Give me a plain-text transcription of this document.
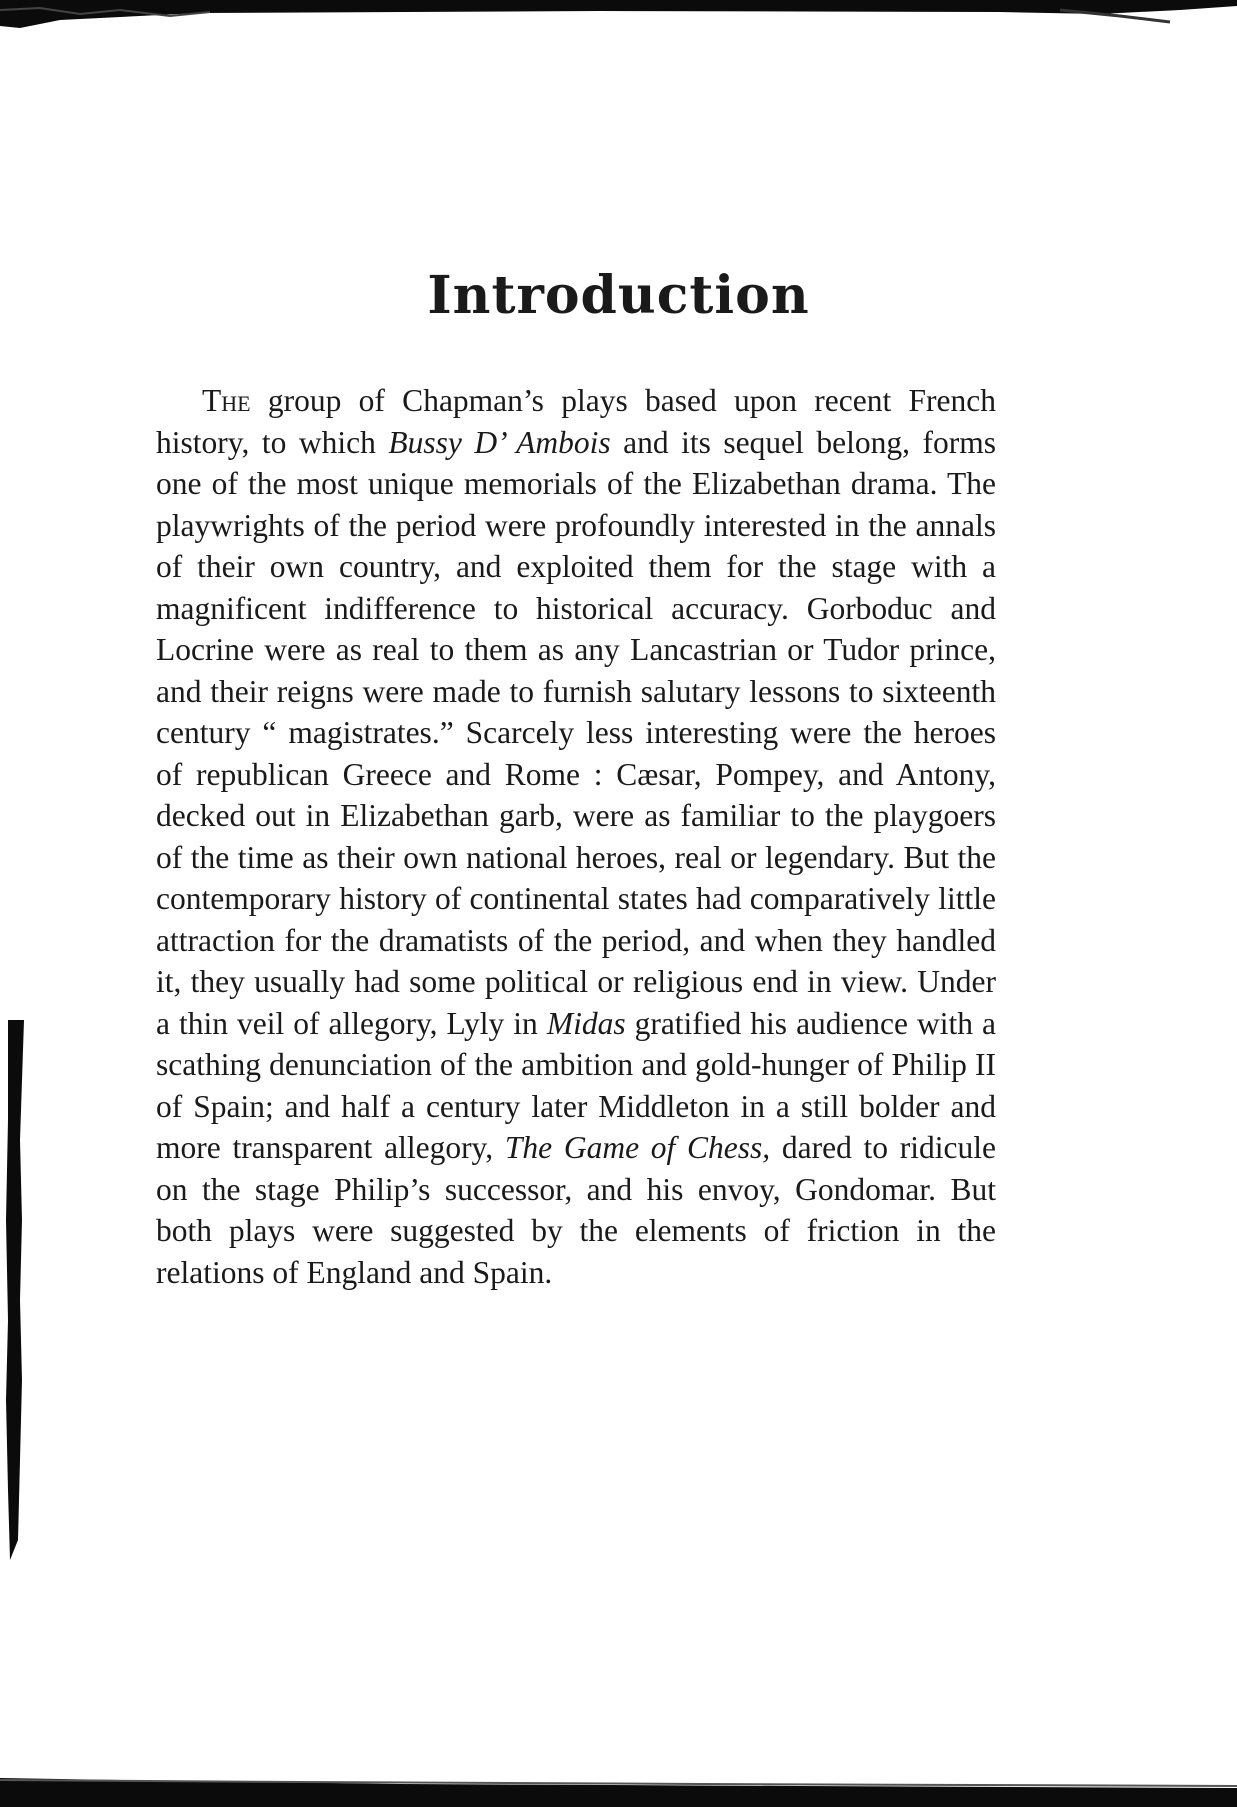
Introduction
The group of Chapman’s plays based upon recent French history, to which Bussy D’ Ambois and its sequel belong, forms one of the most unique memorials of the Elizabethan drama. The playwrights of the period were profoundly interested in the annals of their own country, and exploited them for the stage with a magnificent indifference to historical accuracy. Gorboduc and Locrine were as real to them as any Lancastrian or Tudor prince, and their reigns were made to furnish salutary lessons to sixteenth century “ magistrates.” Scarcely less interesting were the heroes of republican Greece and Rome : Cæsar, Pompey, and Antony, decked out in Elizabethan garb, were as familiar to the playgoers of the time as their own national heroes, real or legendary. But the contemporary history of continental states had comparatively little attraction for the dramatists of the period, and when they handled it, they usually had some political or religious end in view. Under a thin veil of allegory, Lyly in Midas gratified his audience with a scathing denunciation of the ambition and gold-hunger of Philip II of Spain; and half a century later Middleton in a still bolder and more transparent allegory, The Game of Chess, dared to ridicule on the stage Philip’s successor, and his envoy, Gondomar. But both plays were suggested by the elements of friction in the relations of England and Spain.
